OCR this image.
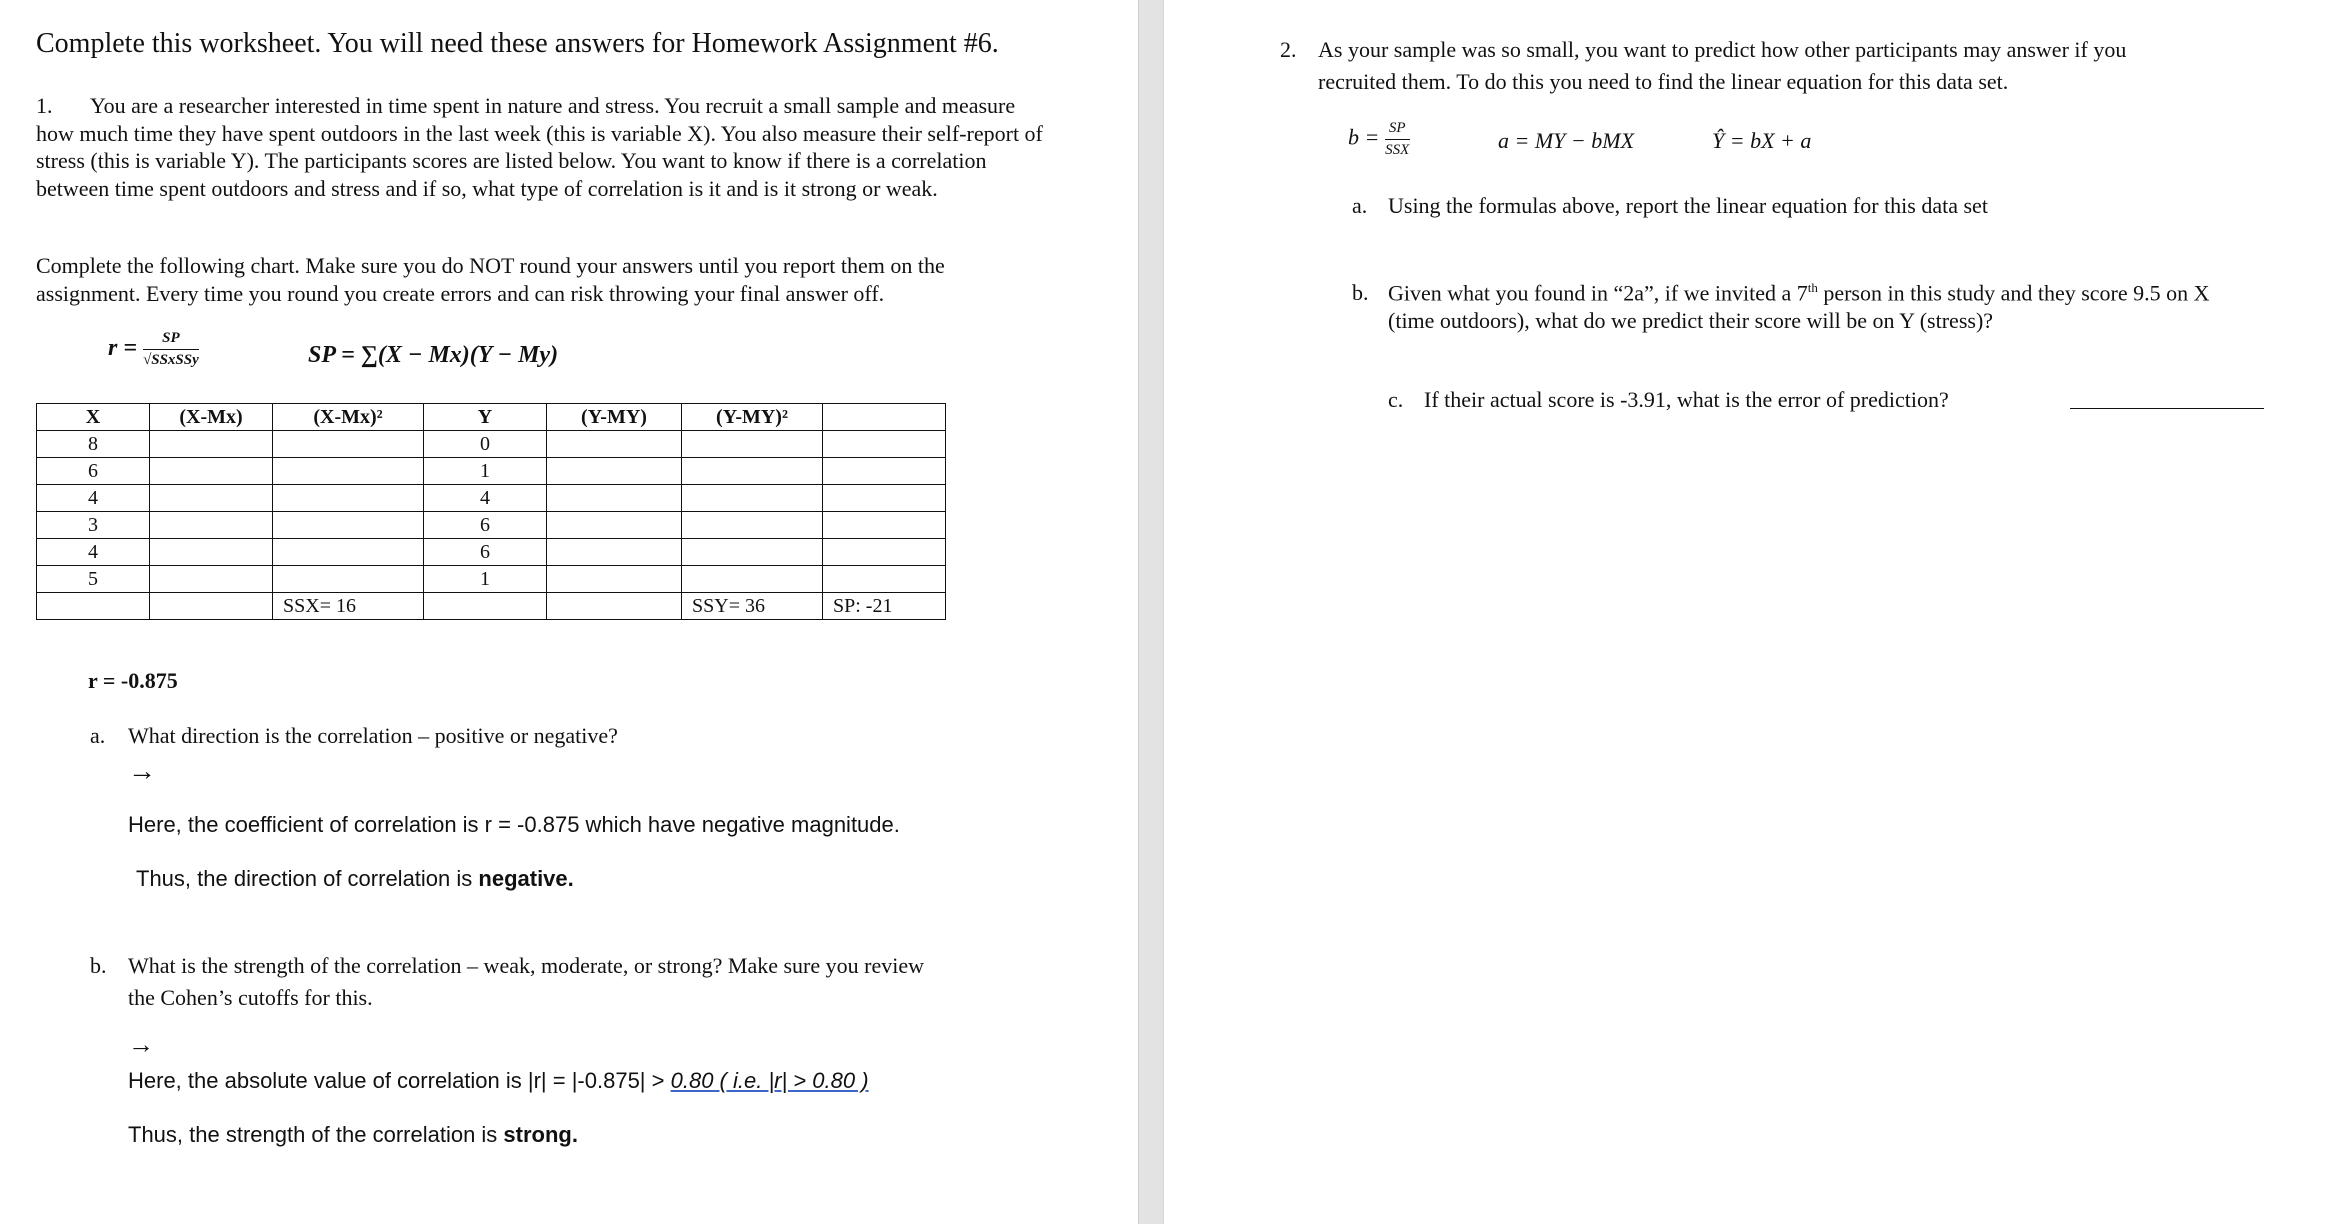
Complete this worksheet. You will need these answers for Homework Assignment #6.
1. You are a researcher interested in time spent in nature and stress. You recruit a small sample and measure how much time they have spent outdoors in the last week (this is variable X). You also measure their self-report of stress (this is variable Y). The participants scores are listed below. You want to know if there is a correlation between time spent outdoors and stress and if so, what type of correlation is it and is it strong or weak.
Complete the following chart. Make sure you do NOT round your answers until you report them on the assignment. Every time you round you create errors and can risk throwing your final answer off.
$r = \frac{SP}{\text{√SSxSSy}}$	SP = ∑(X − Mx)(Y − My)
X	(X-Mx)	(X-Mx)²	Y	(Y-MY)	(Y-MY)²	
8			0			
6			1			
4			4			
3			6			
4			6			
5			1			
		SSX= 16			SSY= 36	SP: -21
r = -0.875
a. What direction is the correlation – positive or negative?
→
Here, the coefficient of correlation is r = -0.875 which have negative magnitude.
Thus, the direction of correlation is negative.
b. What is the strength of the correlation – weak, moderate, or strong? Make sure you review
the Cohen’s cutoffs for this.
→
Here, the absolute value of correlation is |r| = |-0.875| > 0.80 ( i.e. |r| > 0.80 )
Thus, the strength of the correlation is strong.
2. As your sample was so small, you want to predict how other participants may answer if you
recruited them. To do this you need to find the linear equation for this data set.
$b = \frac{SP}{\text{SSX}}$	a = MY − bMX	Ŷ = bX + a
a. Using the formulas above, report the linear equation for this data set
b. Given what you found in “2a”, if we invited a 7th person in this study and they score 9.5 on X
(time outdoors), what do we predict their score will be on Y (stress)?
c. If their actual score is -3.91, what is the error of prediction?
